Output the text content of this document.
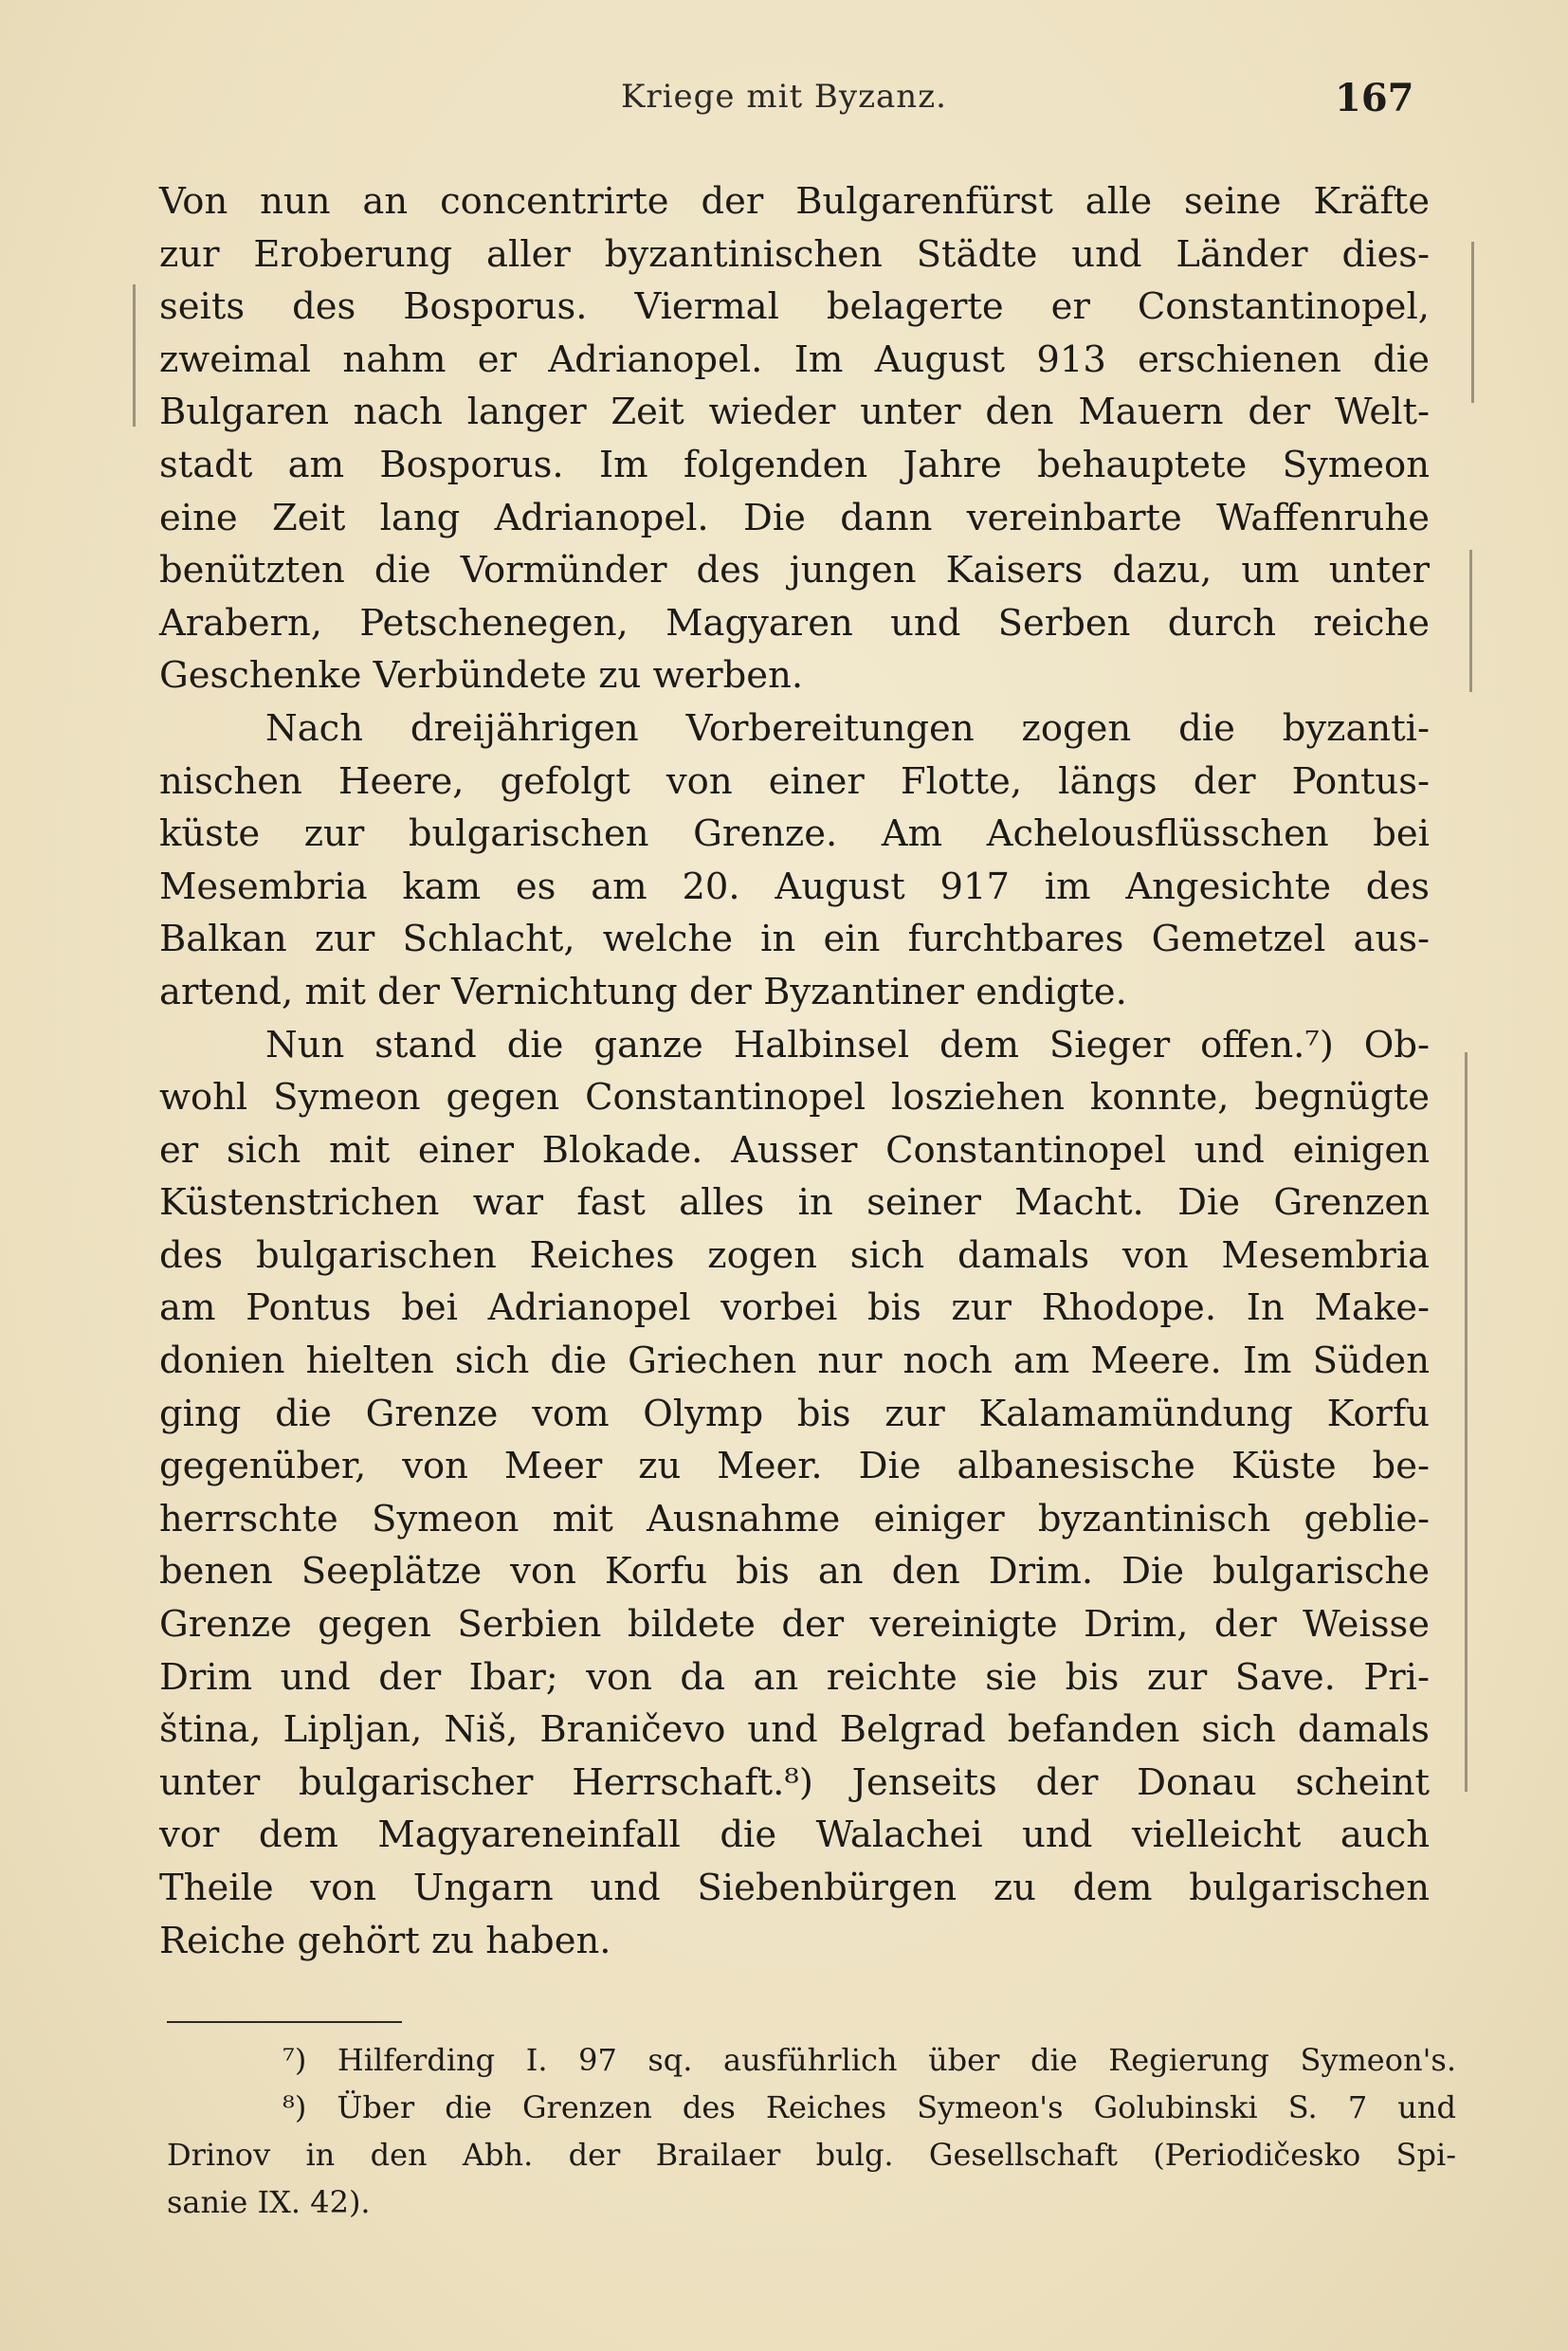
Kriege mit Byzanz.	167
Von nun an concentrirte der Bulgarenfürst alle seine Kräfte
zur Eroberung aller byzantinischen Städte und Länder dies-
seits des Bosporus. Viermal belagerte er Constantinopel,
zweimal nahm er Adrianopel. Im August 913 erschienen die
Bulgaren nach langer Zeit wieder unter den Mauern der Welt-
stadt am Bosporus. Im folgenden Jahre behauptete Symeon
eine Zeit lang Adrianopel. Die dann vereinbarte Waffenruhe
benützten die Vormünder des jungen Kaisers dazu, um unter
Arabern, Petschenegen, Magyaren und Serben durch reiche
Geschenke Verbündete zu werben.
Nach dreijährigen Vorbereitungen zogen die byzanti-
nischen Heere, gefolgt von einer Flotte, längs der Pontus-
küste zur bulgarischen Grenze. Am Achelousflüsschen bei
Mesembria kam es am 20. August 917 im Angesichte des
Balkan zur Schlacht, welche in ein furchtbares Gemetzel aus-
artend, mit der Vernichtung der Byzantiner endigte.
Nun stand die ganze Halbinsel dem Sieger offen.⁷) Ob-
wohl Symeon gegen Constantinopel losziehen konnte, begnügte
er sich mit einer Blokade. Ausser Constantinopel und einigen
Küstenstrichen war fast alles in seiner Macht. Die Grenzen
des bulgarischen Reiches zogen sich damals von Mesembria
am Pontus bei Adrianopel vorbei bis zur Rhodope. In Make-
donien hielten sich die Griechen nur noch am Meere. Im Süden
ging die Grenze vom Olymp bis zur Kalamamündung Korfu
gegenüber, von Meer zu Meer. Die albanesische Küste be-
herrschte Symeon mit Ausnahme einiger byzantinisch geblie-
benen Seeplätze von Korfu bis an den Drim. Die bulgarische
Grenze gegen Serbien bildete der vereinigte Drim, der Weisse
Drim und der Ibar; von da an reichte sie bis zur Save. Pri-
ština, Lipljan, Niš, Braničevo und Belgrad befanden sich damals
unter bulgarischer Herrschaft.⁸) Jenseits der Donau scheint
vor dem Magyareneinfall die Walachei und vielleicht auch
Theile von Ungarn und Siebenbürgen zu dem bulgarischen
Reiche gehört zu haben.
⁷) Hilferding I. 97 sq. ausführlich über die Regierung Symeon's.
⁸) Über die Grenzen des Reiches Symeon's Golubinski S. 7 und
Drinov in den Abh. der Brailaer bulg. Gesellschaft (Periodičesko Spi-
sanie IX. 42).
